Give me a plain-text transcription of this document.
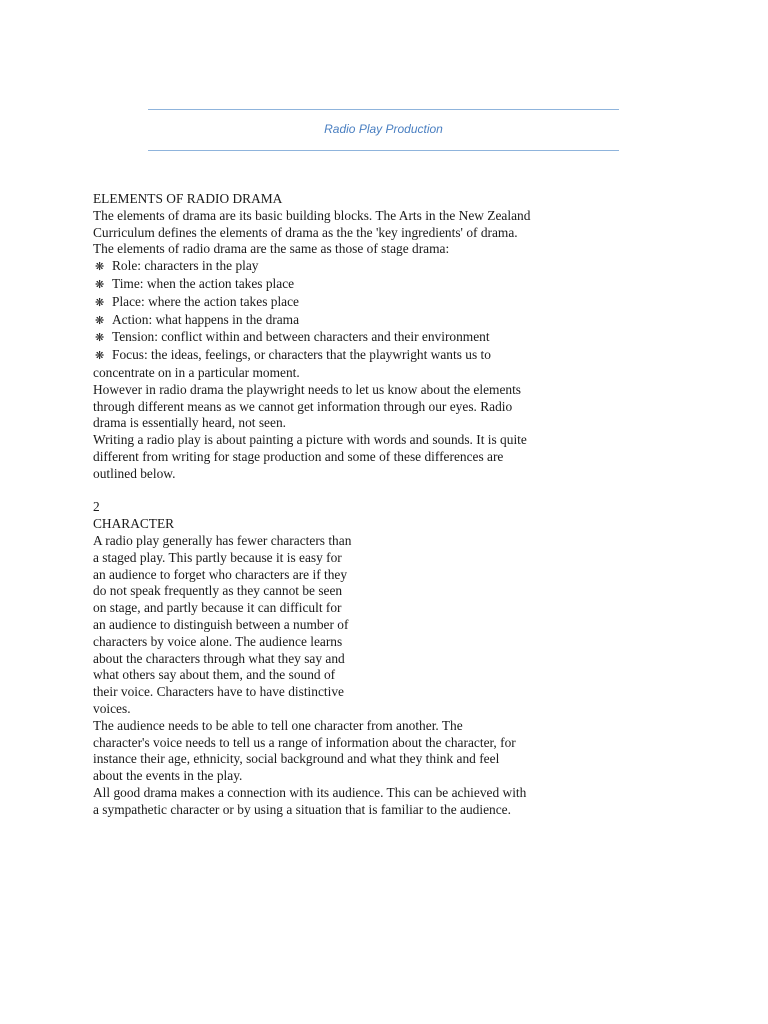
Radio Play Production
ELEMENTS OF RADIO DRAMA
The elements of drama are its basic building blocks. The Arts in the New Zealand
Curriculum defines the elements of drama as the the 'key ingredients' of drama.
The elements of radio drama are the same as those of stage drama:
❋ Role: characters in the play
❋ Time: when the action takes place
❋ Place: where the action takes place
❋ Action: what happens in the drama
❋ Tension: conflict within and between characters and their environment
❋ Focus: the ideas, feelings, or characters that the playwright wants us to
concentrate on in a particular moment.
However in radio drama the playwright needs to let us know about the elements
through different means as we cannot get information through our eyes. Radio
drama is essentially heard, not seen.
Writing a radio play is about painting a picture with words and sounds. It is quite
different from writing for stage production and some of these differences are
outlined below.
2
CHARACTER
A radio play generally has fewer characters than
a staged play. This partly because it is easy for
an audience to forget who characters are if they
do not speak frequently as they cannot be seen
on stage, and partly because it can difficult for
an audience to distinguish between a number of
characters by voice alone. The audience learns
about the characters through what they say and
what others say about them, and the sound of
their voice. Characters have to have distinctive
voices.
The audience needs to be able to tell one character from another. The
character's voice needs to tell us a range of information about the character, for
instance their age, ethnicity, social background and what they think and feel
about the events in the play.
All good drama makes a connection with its audience. This can be achieved with
a sympathetic character or by using a situation that is familiar to the audience.
